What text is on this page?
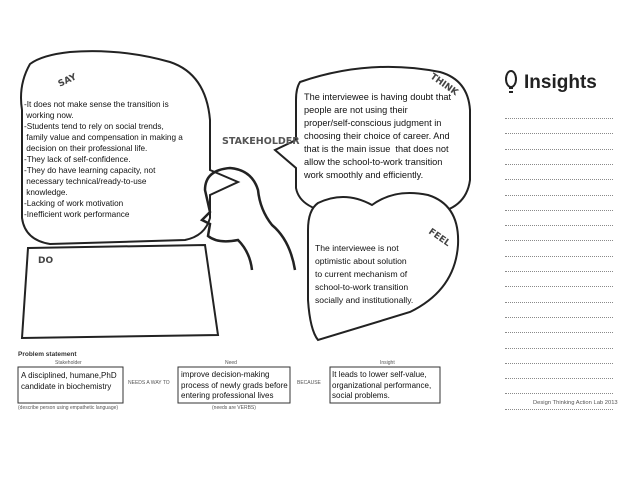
SAY
-It does not make sense the transition is
working now.
-Students tend to rely on social trends,
family value and compensation in making a
decision on their professional life.
-They lack of self-confidence.
-They do have learning capacity, not
necessary technical/ready-to-use
knowledge.
-Lacking of work motivation
-Inefficient work performance
THINK
The interviewee is having doubt that
people are not using their
proper/self-conscious judgment in
choosing their choice of career. And
that is the main issue  that does not
allow the school-to-work transition
work smoothly and efficiently.
FEEL
The interviewee is not
optimistic about solution
to current mechanism of
school-to-work transition
socially and institutionally.
STAKEHOLDER
DO
Insights
Problem statement
Stakeholder	Need	Insight
NEEDS A WAY TO	BECAUSE
(describe person using empathetic language)	(needs are VERBS)
A disciplined, humane,PhD
candidate in biochemistry
improve decision-making
process of newly grads before
entering professional lives
It leads to lower self-value,
organizational performance,
social problems.
Design Thinking Action Lab 2013
